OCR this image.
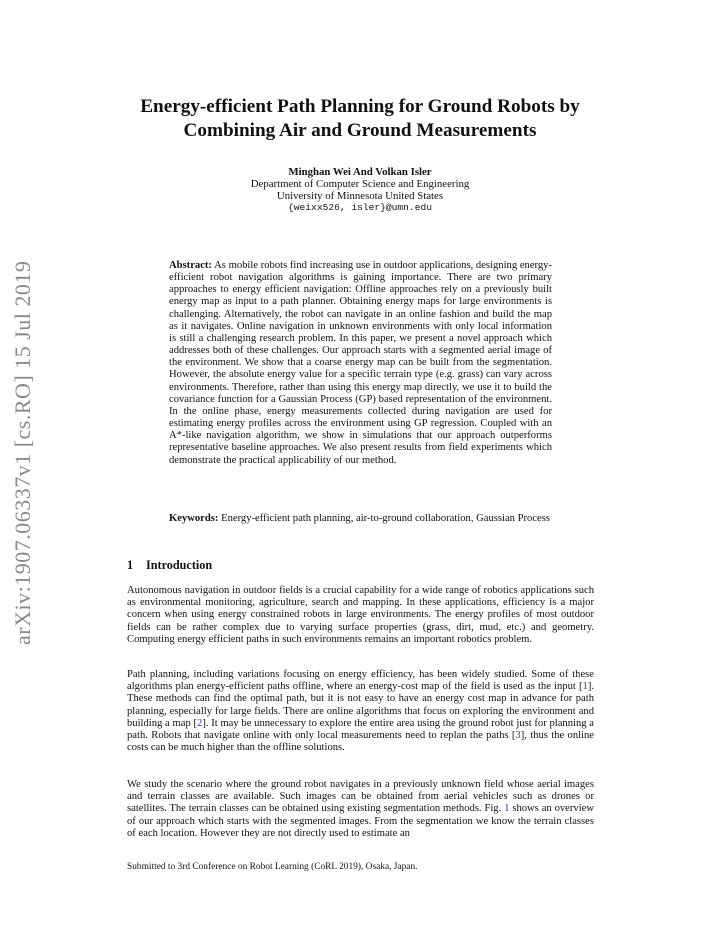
arXiv:1907.06337v1 [cs.RO] 15 Jul 2019
Energy-efficient Path Planning for Ground Robots by
Combining Air and Ground Measurements
Minghan Wei And Volkan Isler
Department of Computer Science and Engineering
University of Minnesota United States
{weixx526, isler}@umn.edu
Abstract: As mobile robots find increasing use in outdoor applications, designing energy-efficient robot navigation algorithms is gaining importance. There are two primary approaches to energy efficient navigation: Offline approaches rely on a previously built energy map as input to a path planner. Obtaining energy maps for large environments is challenging. Alternatively, the robot can navigate in an online fashion and build the map as it navigates. Online navigation in unknown environments with only local information is still a challenging research problem. In this paper, we present a novel approach which addresses both of these challenges. Our approach starts with a segmented aerial image of the environment. We show that a coarse energy map can be built from the segmentation. However, the absolute energy value for a specific terrain type (e.g. grass) can vary across environments. Therefore, rather than using this energy map directly, we use it to build the covariance function for a Gaussian Process (GP) based representation of the environment. In the online phase, energy measurements collected during navigation are used for estimating energy profiles across the environment using GP regression. Coupled with an A*-like navigation algorithm, we show in simulations that our approach outperforms representative baseline approaches. We also present results from field experiments which demonstrate the practical applicability of our method.
Keywords: Energy-efficient path planning, air-to-ground collaboration, Gaussian Process
1 Introduction
Autonomous navigation in outdoor fields is a crucial capability for a wide range of robotics applications such as environmental monitoring, agriculture, search and mapping. In these applications, efficiency is a major concern when using energy constrained robots in large environments. The energy profiles of most outdoor fields can be rather complex due to varying surface properties (grass, dirt, mud, etc.) and geometry. Computing energy efficient paths in such environments remains an important robotics problem.
Path planning, including variations focusing on energy efficiency, has been widely studied. Some of these algorithms plan energy-efficient paths offline, where an energy-cost map of the field is used as the input [1]. These methods can find the optimal path, but it is not easy to have an energy cost map in advance for path planning, especially for large fields. There are online algorithms that focus on exploring the environment and building a map [2]. It may be unnecessary to explore the entire area using the ground robot just for planning a path. Robots that navigate online with only local measurements need to replan the paths [3], thus the online costs can be much higher than the offline solutions.
We study the scenario where the ground robot navigates in a previously unknown field whose aerial images and terrain classes are available. Such images can be obtained from aerial vehicles such as drones or satellites. The terrain classes can be obtained using existing segmentation methods. Fig. 1 shows an overview of our approach which starts with the segmented images. From the segmentation we know the terrain classes of each location. However they are not directly used to estimate an
Submitted to 3rd Conference on Robot Learning (CoRL 2019), Osaka, Japan.
